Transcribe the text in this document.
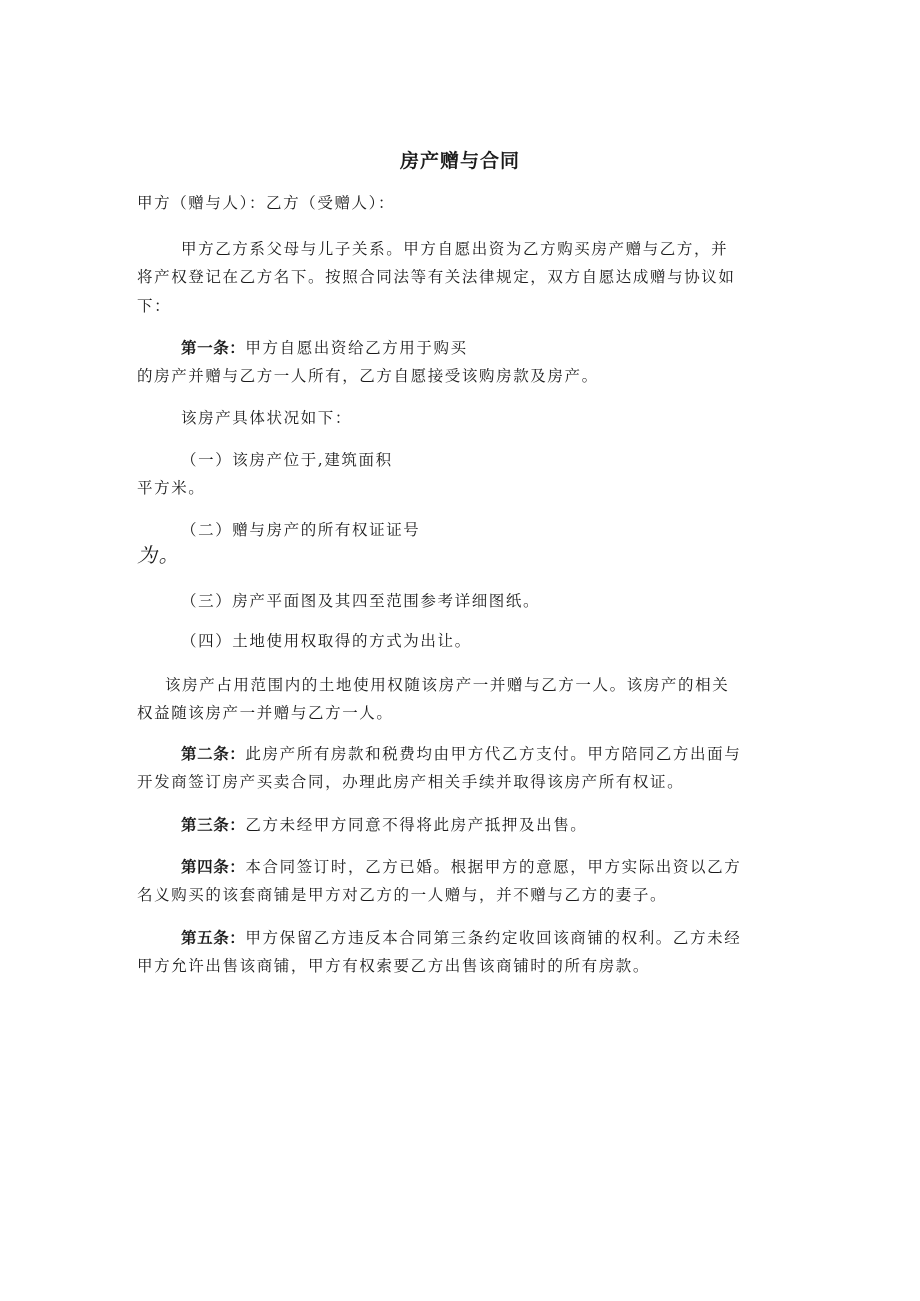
房产赠与合同
甲方（赠与人）：乙方（受赠人）：
甲方乙方系父母与儿子关系。甲方自愿出资为乙方购买房产赠与乙方，并
将产权登记在乙方名下。按照合同法等有关法律规定，双方自愿达成赠与协议如
下：
第一条：甲方自愿出资给乙方用于购买
的房产并赠与乙方一人所有，乙方自愿接受该购房款及房产。
该房产具体状况如下：
（一）该房产位于,建筑面积
平方米。
（二）赠与房产的所有权证证号
为。
（三）房产平面图及其四至范围参考详细图纸。
（四）土地使用权取得的方式为出让。
该房产占用范围内的土地使用权随该房产一并赠与乙方一人。该房产的相关
权益随该房产一并赠与乙方一人。
第二条：此房产所有房款和税费均由甲方代乙方支付。甲方陪同乙方出面与
开发商签订房产买卖合同，办理此房产相关手续并取得该房产所有权证。
第三条：乙方未经甲方同意不得将此房产抵押及出售。
第四条：本合同签订时，乙方已婚。根据甲方的意愿，甲方实际出资以乙方
名义购买的该套商铺是甲方对乙方的一人赠与，并不赠与乙方的妻子。
第五条：甲方保留乙方违反本合同第三条约定收回该商铺的权利。乙方未经
甲方允许出售该商铺，甲方有权索要乙方出售该商铺时的所有房款。
